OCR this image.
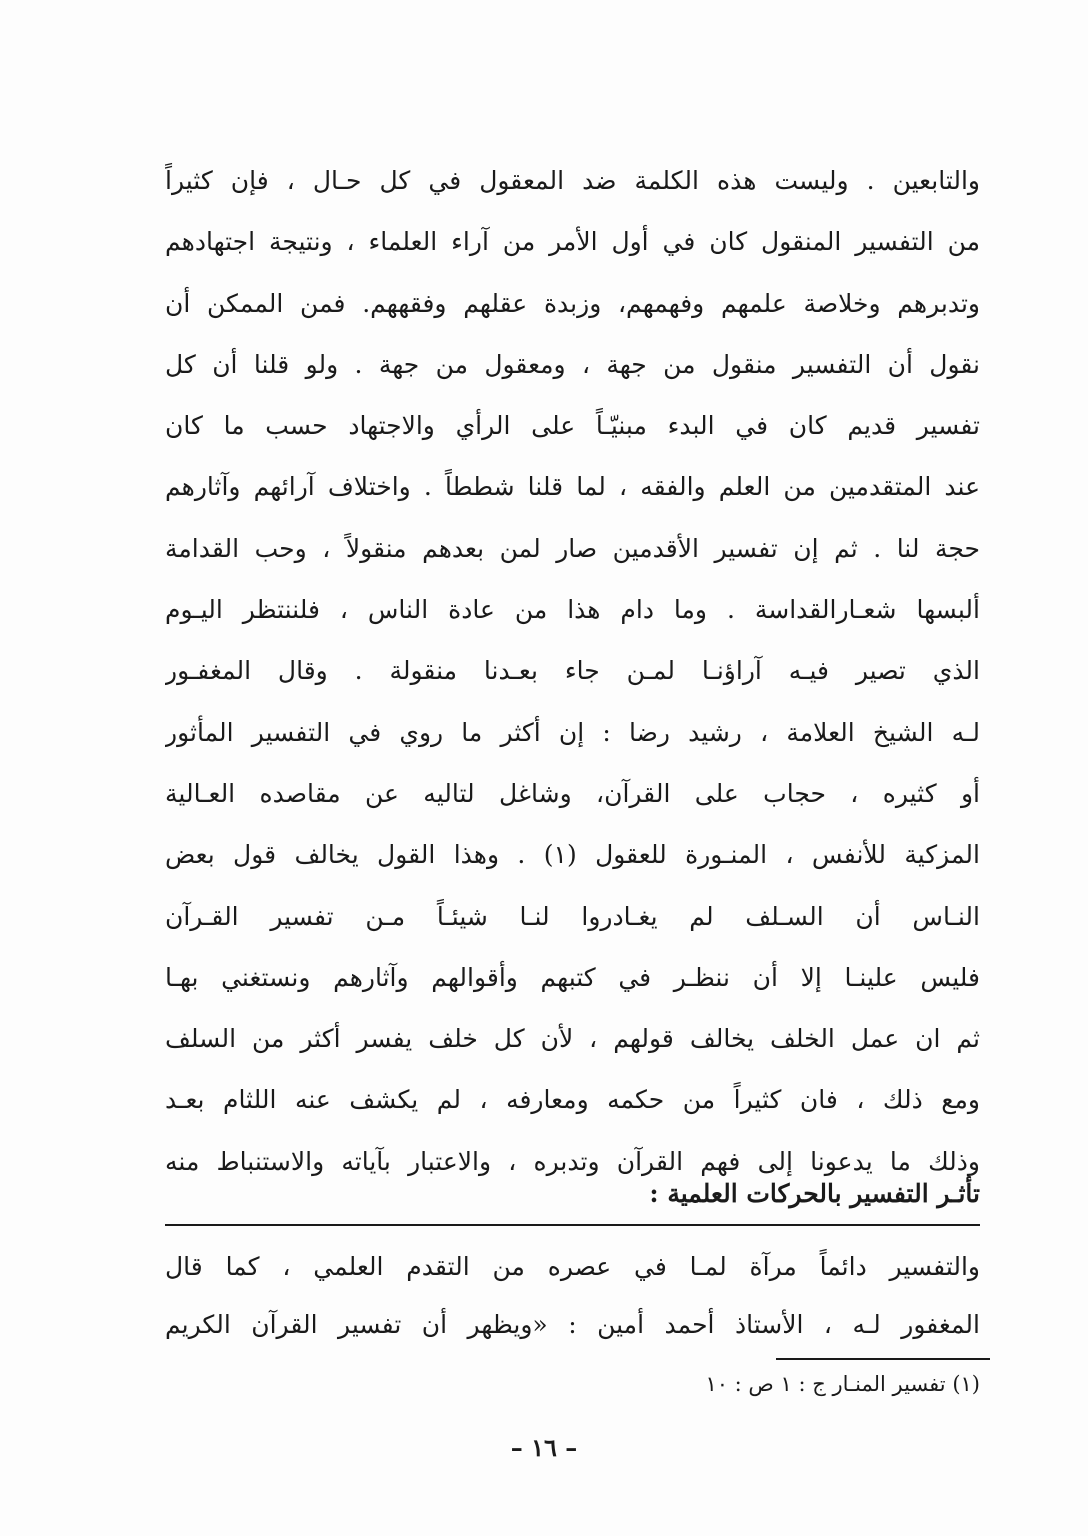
والتابعين . وليست هذه الكلمة ضد المعقول في كل حـال ، فإن كثيراً
من التفسير المنقول كان في أول الأمر من آراء العلماء ، ونتيجة اجتهادهم
وتدبرهم وخلاصة علمهم وفهمهم، وزبدة عقلهم وفقههم. فمن الممكن أن
نقول أن التفسير منقول من جهة ، ومعقول من جهة . ولو قلنا أن كل
تفسير قديم كان في البدء مبنيّـاً على الرأي والاجتهاد حسب ما كان
عند المتقدمين من العلم والفقه ، لما قلنا شططاً . واختلاف آرائهم وآثارهم
حجة لنا . ثم إن تفسير الأقدمين صار لمن بعدهم منقولاً ، وحب القدامة
ألبسها شعـارالقداسة . وما دام هذا من عادة الناس ، فلننتظر اليـوم
الذي تصير فيـه آراؤنـا لمـن جاء بعـدنا منقولة . وقال المغفـور
لـه الشيخ العلامة ، رشيد رضا : إن أكثر ما روي في التفسير المأثور
أو كثيره ، حجاب على القرآن، وشاغل لتاليه عن مقاصده العـالية
المزكية للأنفس ، المنـورة للعقول (١) . وهذا القول يخالف قول بعض
النـاس أن السـلف لم يغـادروا لنـا شيئـاً مـن تفسير القـرآن
فليس علينـا إلا أن ننظـر في كتبهم وأقوالهم وآثارهم ونستغني بهـا
ثم ان عمل الخلف يخالف قولهم ، لأن كل خلف يفسر أكثر من السلف
ومع ذلك ، فان كثيراً من حكمه ومعارفه ، لم يكشف عنه اللثام بعـد
وذلك ما يدعونا إلى فهم القرآن وتدبره ، والاعتبار بآياته والاستنباط منه
تأثـر التفسير بالحركات العلمية :
والتفسير دائماً مرآة لمـا في عصره من التقدم العلمي ، كما قال
المغفور لـه ، الأستاذ أحمد أمين : «ويظهر أن تفسير القرآن الكريم
(١) تفسير المنـار ج : ١ ص : ١٠
– ١٦ –
